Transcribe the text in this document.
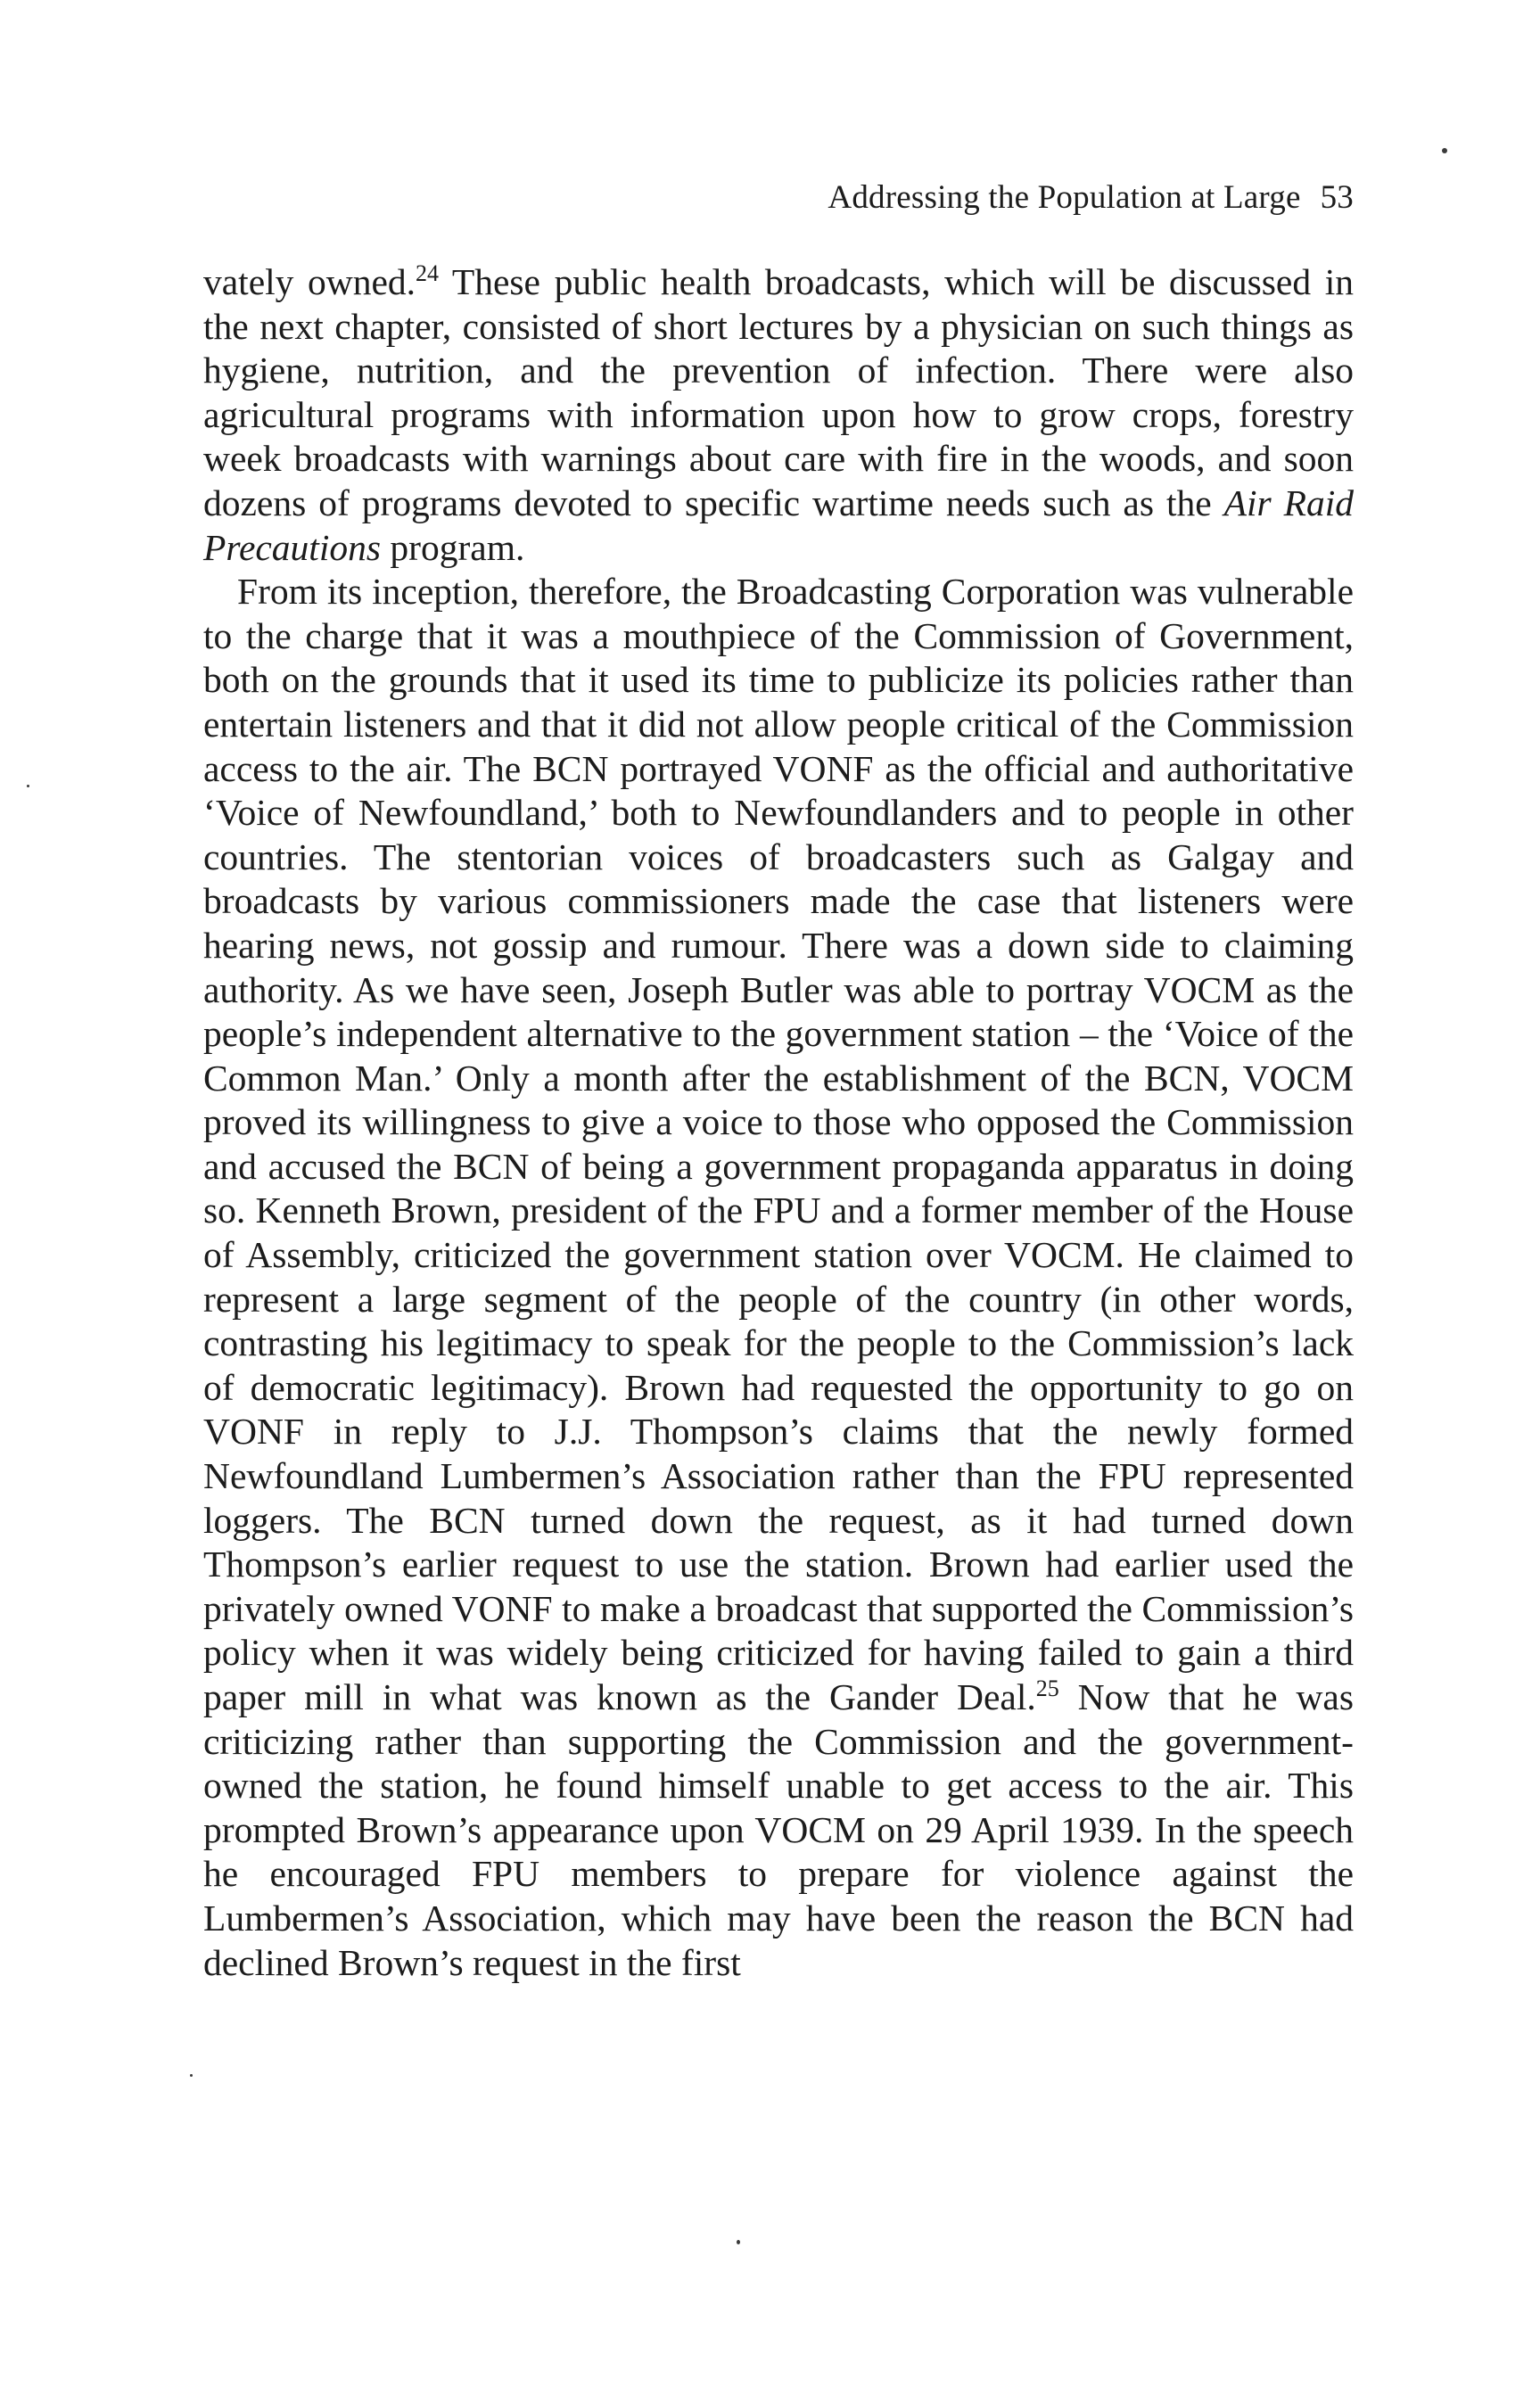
Addressing the Population at Large 53

vately owned.$^{24}$ These public health broadcasts, which will be discussed in the next chapter, consisted of short lectures by a physician on such things as hygiene, nutrition, and the prevention of infection. There were also agricultural programs with information upon how to grow crops, forestry week broadcasts with warnings about care with fire in the woods, and soon dozens of programs devoted to specific wartime needs such as the Air Raid Precautions program.

From its inception, therefore, the Broadcasting Corporation was vulnerable to the charge that it was a mouthpiece of the Commission of Government, both on the grounds that it used its time to publicize its policies rather than entertain listeners and that it did not allow people critical of the Commission access to the air. The BCN portrayed VONF as the official and authoritative ‘Voice of Newfoundland,’ both to Newfoundlanders and to people in other countries. The stentorian voices of broadcasters such as Galgay and broadcasts by various commissioners made the case that listeners were hearing news, not gossip and rumour. There was a down side to claiming authority. As we have seen, Joseph Butler was able to portray VOCM as the people’s independent alternative to the government station – the ‘Voice of the Common Man.’ Only a month after the establishment of the BCN, VOCM proved its willingness to give a voice to those who opposed the Commission and accused the BCN of being a government propaganda apparatus in doing so. Kenneth Brown, president of the FPU and a former member of the House of Assembly, criticized the government station over VOCM. He claimed to represent a large segment of the people of the country (in other words, contrasting his legitimacy to speak for the people to the Commission’s lack of democratic legitimacy). Brown had requested the opportunity to go on VONF in reply to J.J. Thompson’s claims that the newly formed Newfoundland Lumbermen’s Association rather than the FPU represented loggers. The BCN turned down the request, as it had turned down Thompson’s earlier request to use the station. Brown had earlier used the privately owned VONF to make a broadcast that supported the Commission’s policy when it was widely being criticized for having failed to gain a third paper mill in what was known as the Gander Deal.$^{25}$ Now that he was criticizing rather than supporting the Commission and the government-owned the station, he found himself unable to get access to the air. This prompted Brown’s appearance upon VOCM on 29 April 1939. In the speech he encouraged FPU members to prepare for violence against the Lumbermen’s Association, which may have been the reason the BCN had declined Brown’s request in the first
